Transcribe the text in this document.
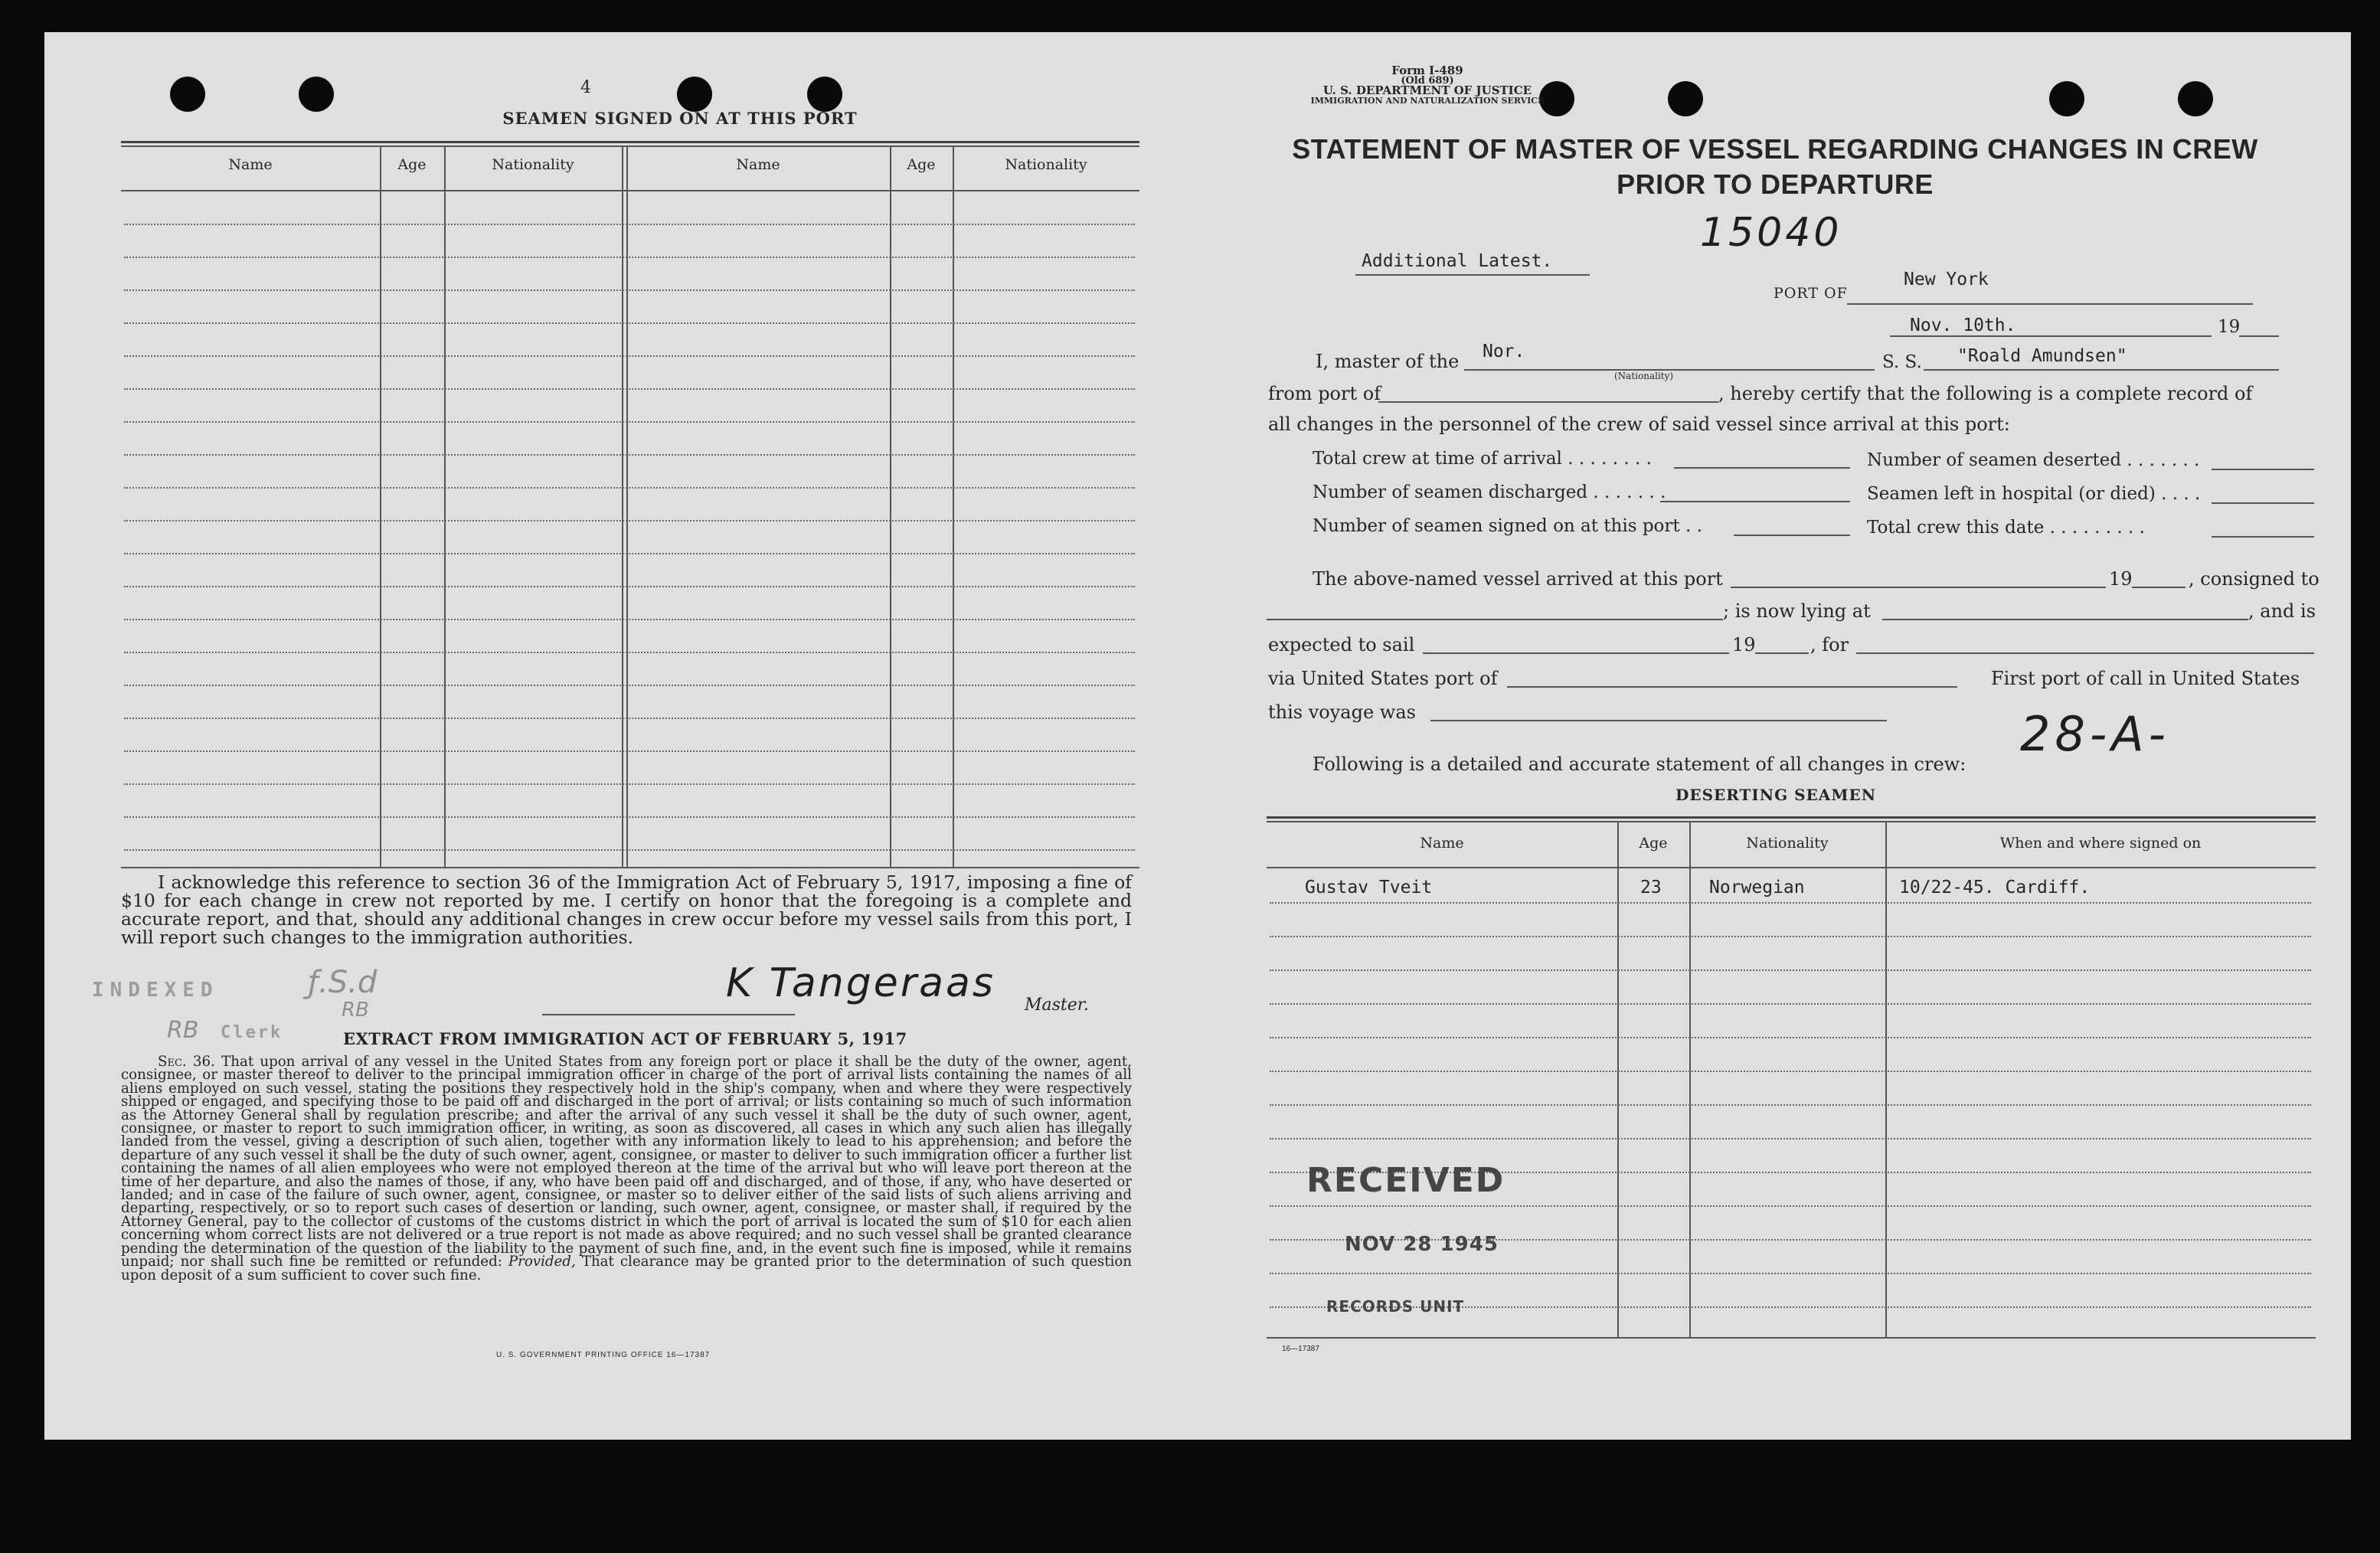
4
SEAMEN SIGNED ON AT THIS PORT
Name	Age	Nationality	Name	Age	Nationality
I acknowledge this reference to section 36 of the Immigration Act of February 5, 1917, imposing a fine of $10 for each change in crew not reported by me. I certify on honor that the foregoing is a complete and accurate report, and that, should any additional changes in crew occur before my vessel sails from this port, I will report such changes to the immigration authorities.
INDEXED
Clerk
RB
ƒ.S.d
RB
K Tangeraas Master.
EXTRACT FROM IMMIGRATION ACT OF FEBRUARY 5, 1917
Sec. 36. That upon arrival of any vessel in the United States from any foreign port or place it shall be the duty of the owner, agent, consignee, or master thereof to deliver to the principal immigration officer in charge of the port of arrival lists containing the names of all aliens employed on such vessel, stating the positions they respectively hold in the ship's company, when and where they were respectively shipped or engaged, and specifying those to be paid off and discharged in the port of arrival; or lists containing so much of such information as the Attorney General shall by regulation prescribe; and after the arrival of any such vessel it shall be the duty of such owner, agent, consignee, or master to report to such immigration officer, in writing, as soon as discovered, all cases in which any such alien has illegally landed from the vessel, giving a description of such alien, together with any information likely to lead to his apprehension; and before the departure of any such vessel it shall be the duty of such owner, agent, consignee, or master to deliver to such immigration officer a further list containing the names of all alien employees who were not employed thereon at the time of the arrival but who will leave port thereon at the time of her departure, and also the names of those, if any, who have been paid off and discharged, and of those, if any, who have deserted or landed; and in case of the failure of such owner, agent, consignee, or master so to deliver either of the said lists of such aliens arriving and departing, respectively, or so to report such cases of desertion or landing, such owner, agent, consignee, or master shall, if required by the Attorney General, pay to the collector of customs of the customs district in which the port of arrival is located the sum of $10 for each alien concerning whom correct lists are not delivered or a true report is not made as above required; and no such vessel shall be granted clearance pending the determination of the question of the liability to the payment of such fine, and, in the event such fine is imposed, while it remains unpaid; nor shall such fine be remitted or refunded: Provided, That clearance may be granted prior to the determination of such question upon deposit of a sum sufficient to cover such fine.
U. S. GOVERNMENT PRINTING OFFICE 16—17387
Form I-489
(Old 689)
U. S. DEPARTMENT OF JUSTICE
IMMIGRATION AND NATURALIZATION SERVICE
STATEMENT OF MASTER OF VESSEL REGARDING CHANGES IN CREW
PRIOR TO DEPARTURE
15040
Additional Latest.
PORT OF
New York
Nov. 10th.	19
I, master of the Nor.
(Nationality)
S. S. "Roald Amundsen"
from port of	, hereby certify that the following is a complete record of
all changes in the personnel of the crew of said vessel since arrival at this port:
Total crew at time of arrival . . . . . . . .	Number of seamen deserted . . . . . . .
Number of seamen discharged . . . . . . .	Seamen left in hospital (or died) . . . .
Number of seamen signed on at this port . .	Total crew this date . . . . . . . . .
The above-named vessel arrived at this port	19	, consigned to
; is now lying at	, and is
expected to sail	19	, for
via United States port of	First port of call in United States
this voyage was	28-A-
Following is a detailed and accurate statement of all changes in crew:
DESERTING SEAMEN
Name	Age	Nationality	When and where signed on
Gustav Tveit	23	Norwegian	10/22-45. Cardiff.
RECEIVED
NOV 28 1945
RECORDS UNIT
16—17387
